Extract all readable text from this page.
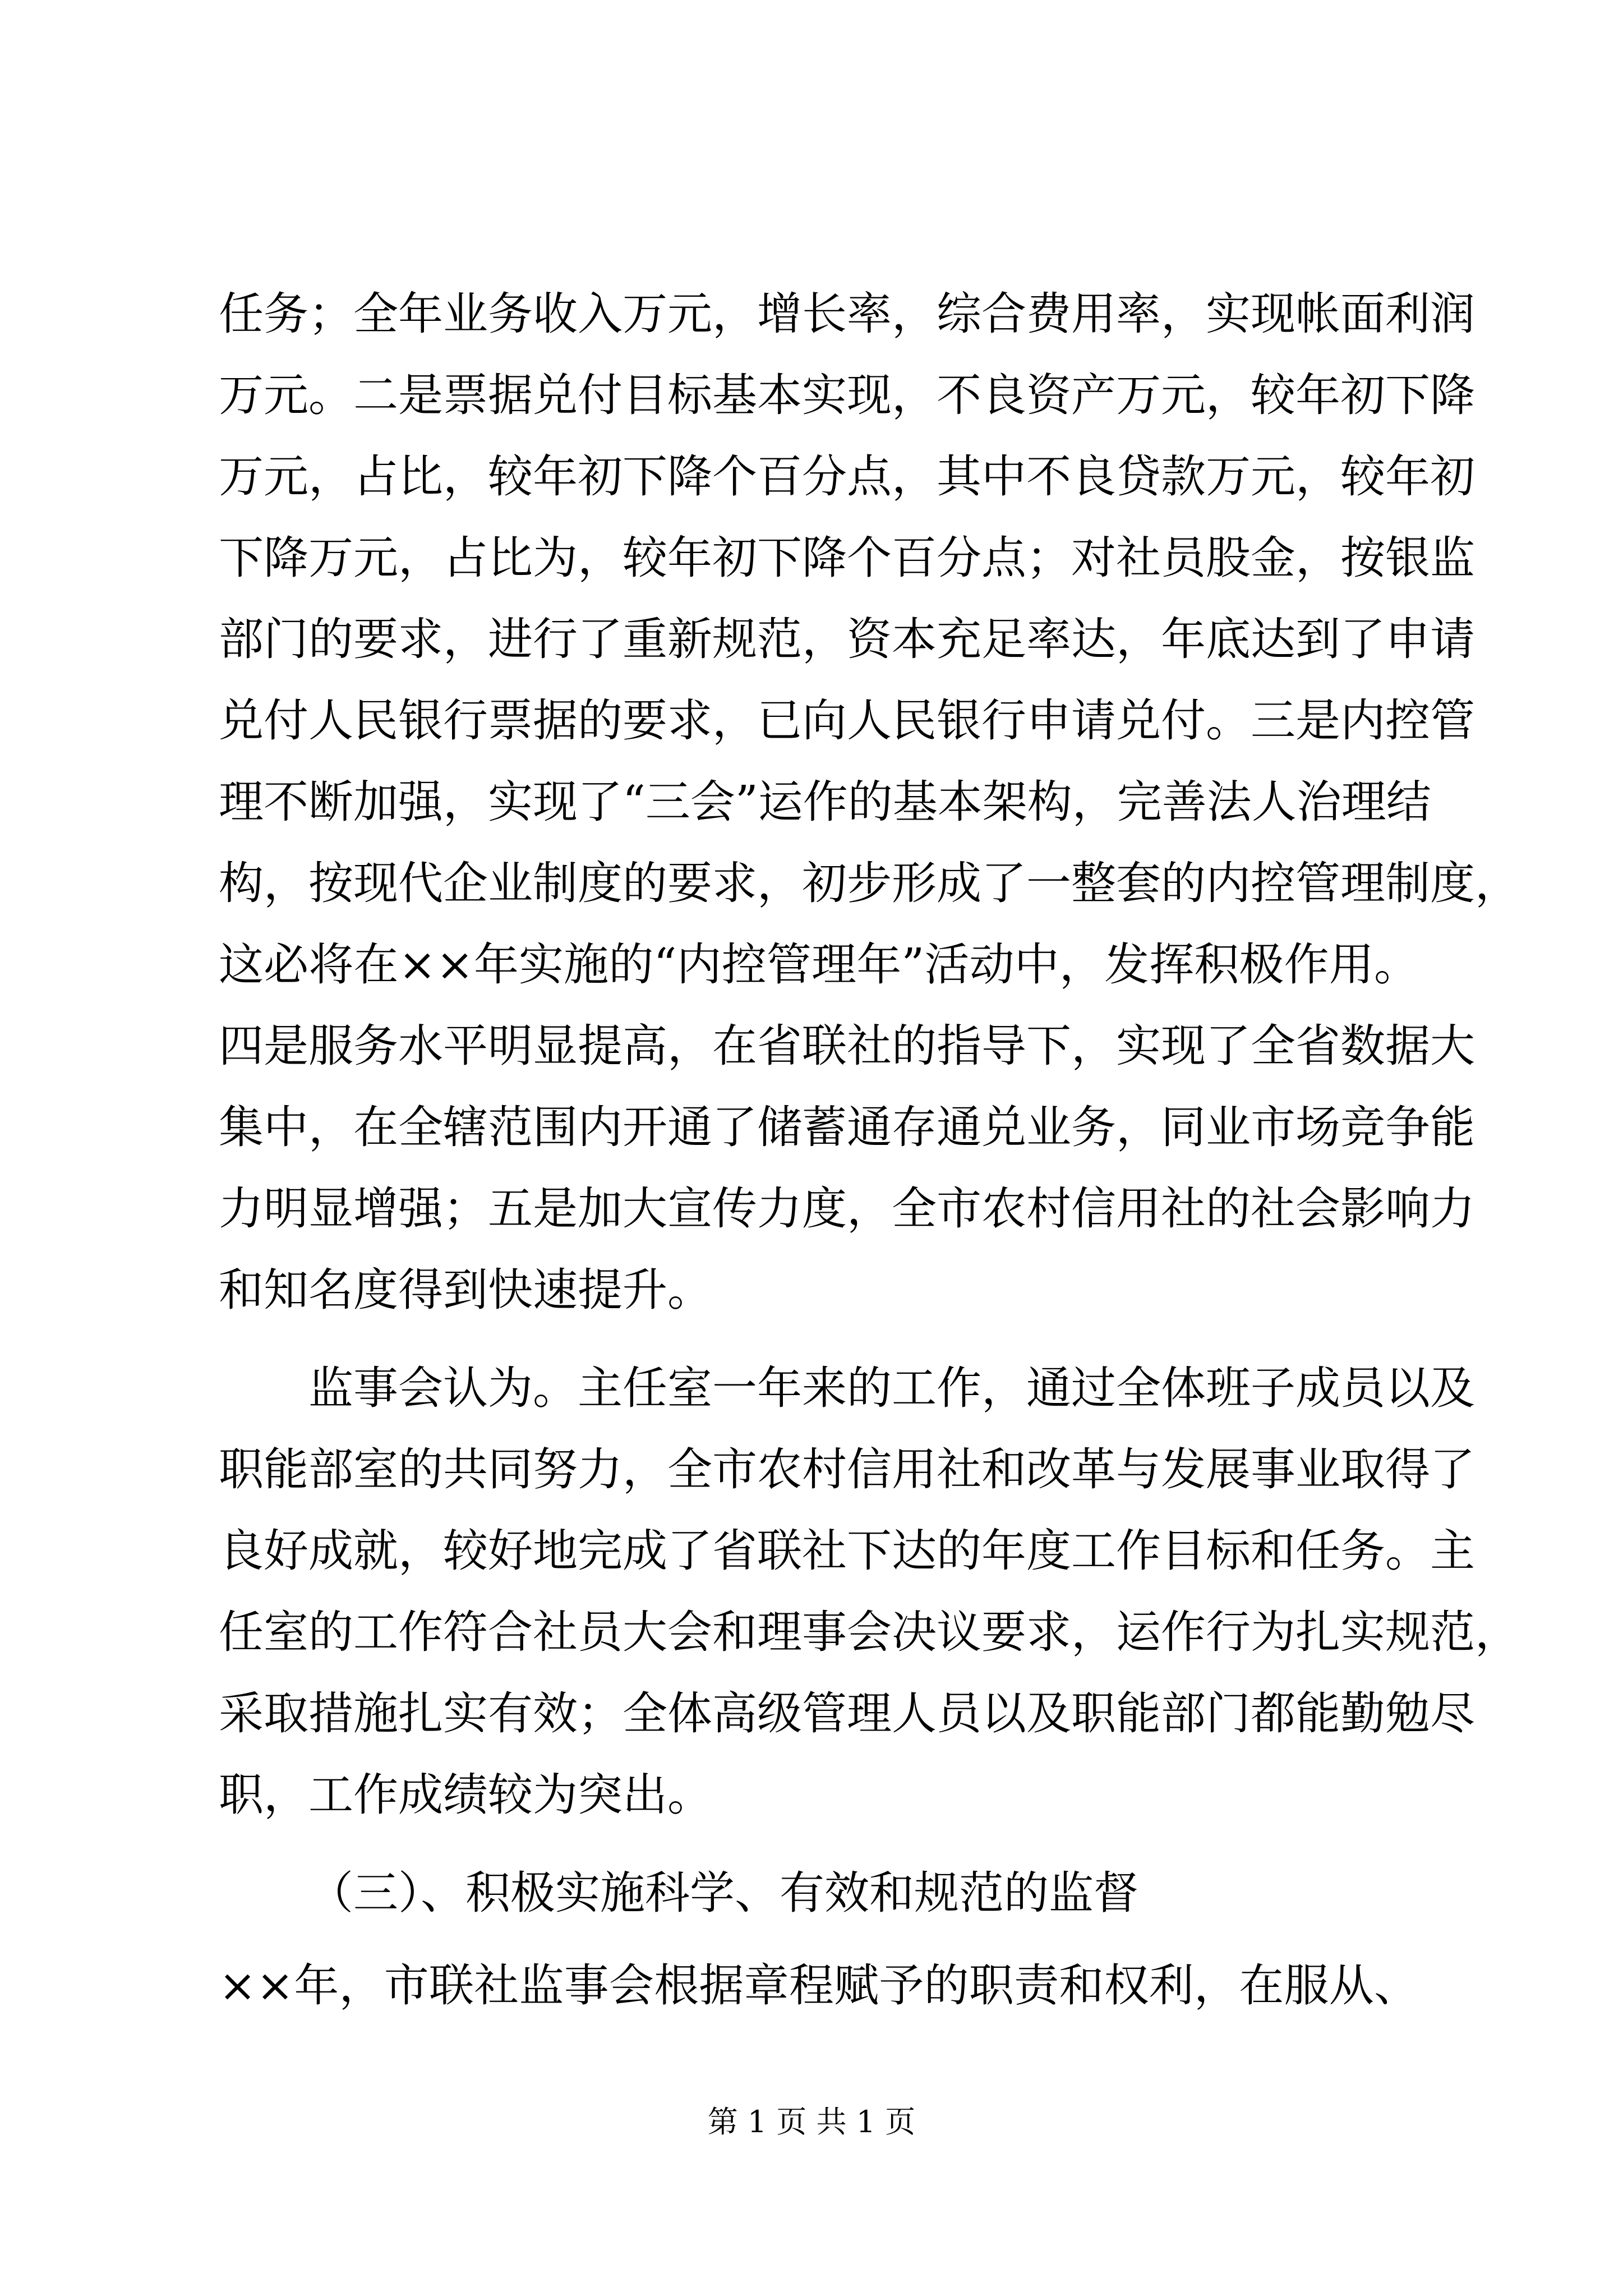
任务；全年业务收入万元，增长率，综合费用率，实现帐面利润
万元。二是票据兑付目标基本实现，不良资产万元，较年初下降
万元，占比，较年初下降个百分点，其中不良贷款万元，较年初
下降万元，占比为，较年初下降个百分点；对社员股金，按银监
部门的要求，进行了重新规范，资本充足率达，年底达到了申请
兑付人民银行票据的要求，已向人民银行申请兑付。三是内控管
理不断加强，实现了“三会”运作的基本架构，完善法人治理结
构，按现代企业制度的要求，初步形成了一整套的内控管理制度，
这必将在××年实施的“内控管理年”活动中，发挥积极作用。
四是服务水平明显提高，在省联社的指导下，实现了全省数据大
集中，在全辖范围内开通了储蓄通存通兑业务，同业市场竞争能
力明显增强；五是加大宣传力度，全市农村信用社的社会影响力
和知名度得到快速提升。
监事会认为。主任室一年来的工作，通过全体班子成员以及
职能部室的共同努力，全市农村信用社和改革与发展事业取得了
良好成就，较好地完成了省联社下达的年度工作目标和任务。主
任室的工作符合社员大会和理事会决议要求，运作行为扎实规范，
采取措施扎实有效；全体高级管理人员以及职能部门都能勤勉尽
职，工作成绩较为突出。
（三）、积极实施科学、有效和规范的监督
××年，市联社监事会根据章程赋予的职责和权利，在服从、
第 1 页 共 1 页
